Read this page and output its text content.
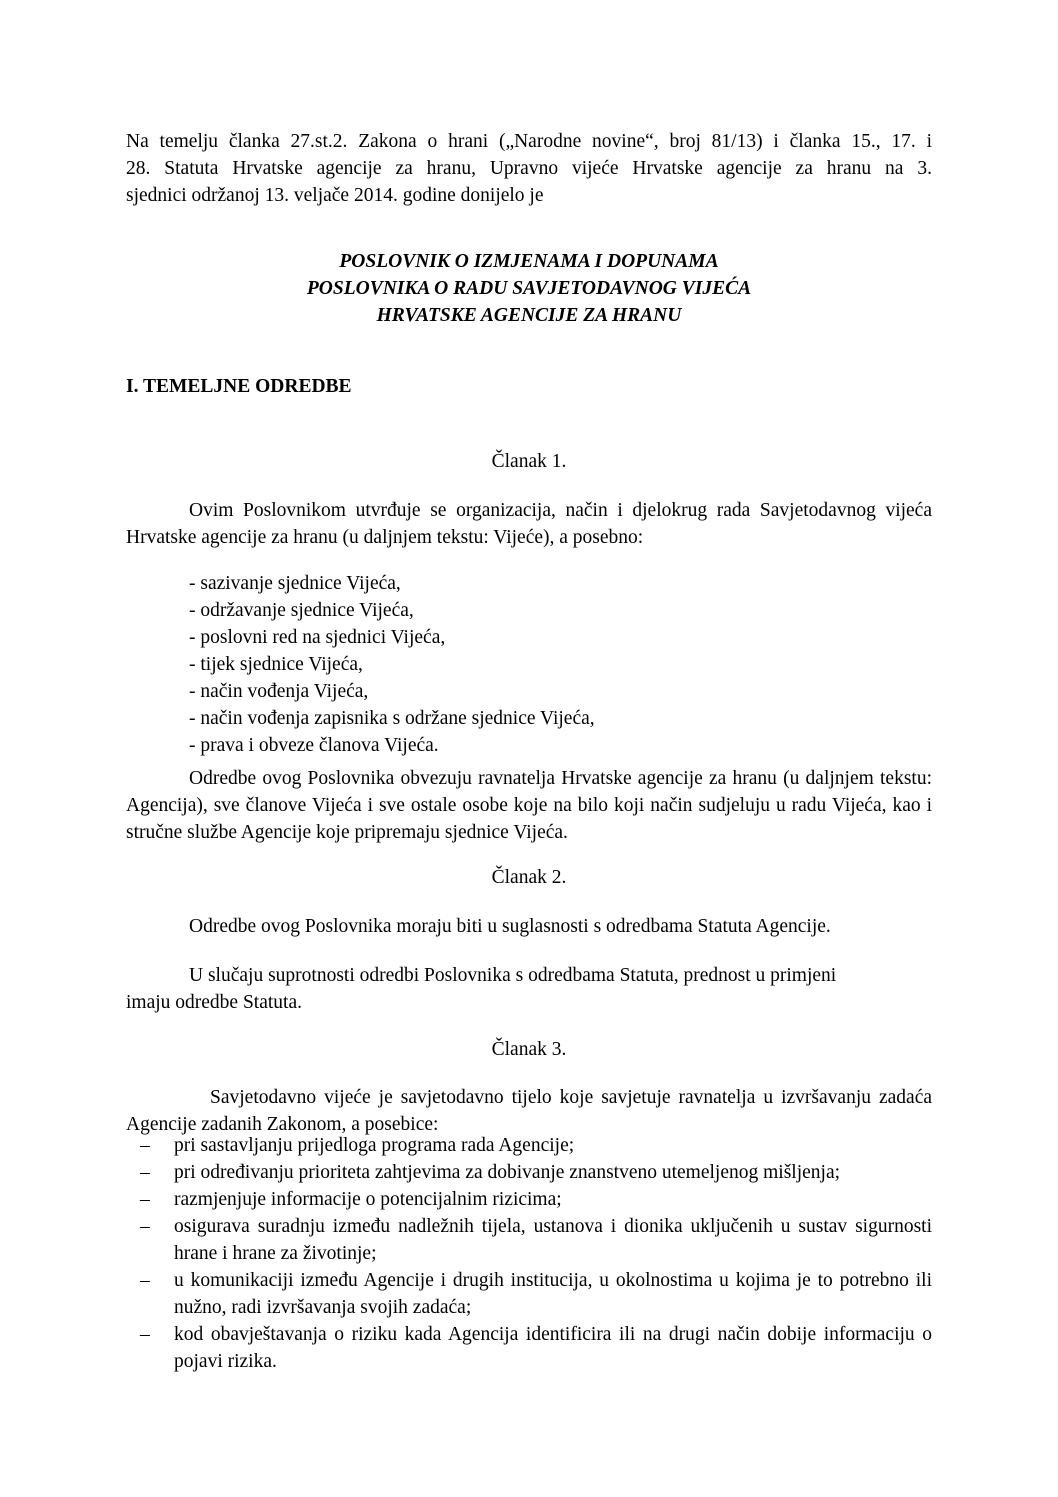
Na temelju članka 27.st.2. Zakona o hrani („Narodne novine“, broj 81/13) i članka 15., 17. i
28. Statuta Hrvatske agencije za hranu, Upravno vijeće Hrvatske agencije za hranu na 3.
sjednici održanoj 13. veljače 2014. godine donijelo je
POSLOVNIK O IZMJENAMA I DOPUNAMA
POSLOVNIKA O RADU SAVJETODAVNOG VIJEĆA
HRVATSKE AGENCIJE ZA HRANU
I. TEMELJNE ODREDBE
Članak 1.
Ovim Poslovnikom utvrđuje se organizacija, način i djelokrug rada Savjetodavnog vijeća Hrvatske agencije za hranu (u daljnjem tekstu: Vijeće), a posebno:
- sazivanje sjednice Vijeća,
- održavanje sjednice Vijeća,
- poslovni red na sjednici Vijeća,
- tijek sjednice Vijeća,
- način vođenja Vijeća,
- način vođenja zapisnika s održane sjednice Vijeća,
- prava i obveze članova Vijeća.
Odredbe ovog Poslovnika obvezuju ravnatelja Hrvatske agencije za hranu (u daljnjem tekstu: Agencija), sve članove Vijeća i sve ostale osobe koje na bilo koji način sudjeluju u radu Vijeća, kao i stručne službe Agencije koje pripremaju sjednice Vijeća.
Članak 2.
Odredbe ovog Poslovnika moraju biti u suglasnosti s odredbama Statuta Agencije.
U slučaju suprotnosti odredbi Poslovnika s odredbama Statuta, prednost u primjeni
imaju odredbe Statuta.
Članak 3.
Savjetodavno vijeće je savjetodavno tijelo koje savjetuje ravnatelja u izvršavanju zadaća Agencije zadanih Zakonom, a posebice:
– pri sastavljanju prijedloga programa rada Agencije;
– pri određivanju prioriteta zahtjevima za dobivanje znanstveno utemeljenog mišljenja;
– razmjenjuje informacije o potencijalnim rizicima;
– osigurava suradnju između nadležnih tijela, ustanova i dionika uključenih u sustav sigurnosti hrane i hrane za životinje;
– u komunikaciji između Agencije i drugih institucija, u okolnostima u kojima je to potrebno ili nužno, radi izvršavanja svojih zadaća;
– kod obavještavanja o riziku kada Agencija identificira ili na drugi način dobije informaciju o pojavi rizika.
